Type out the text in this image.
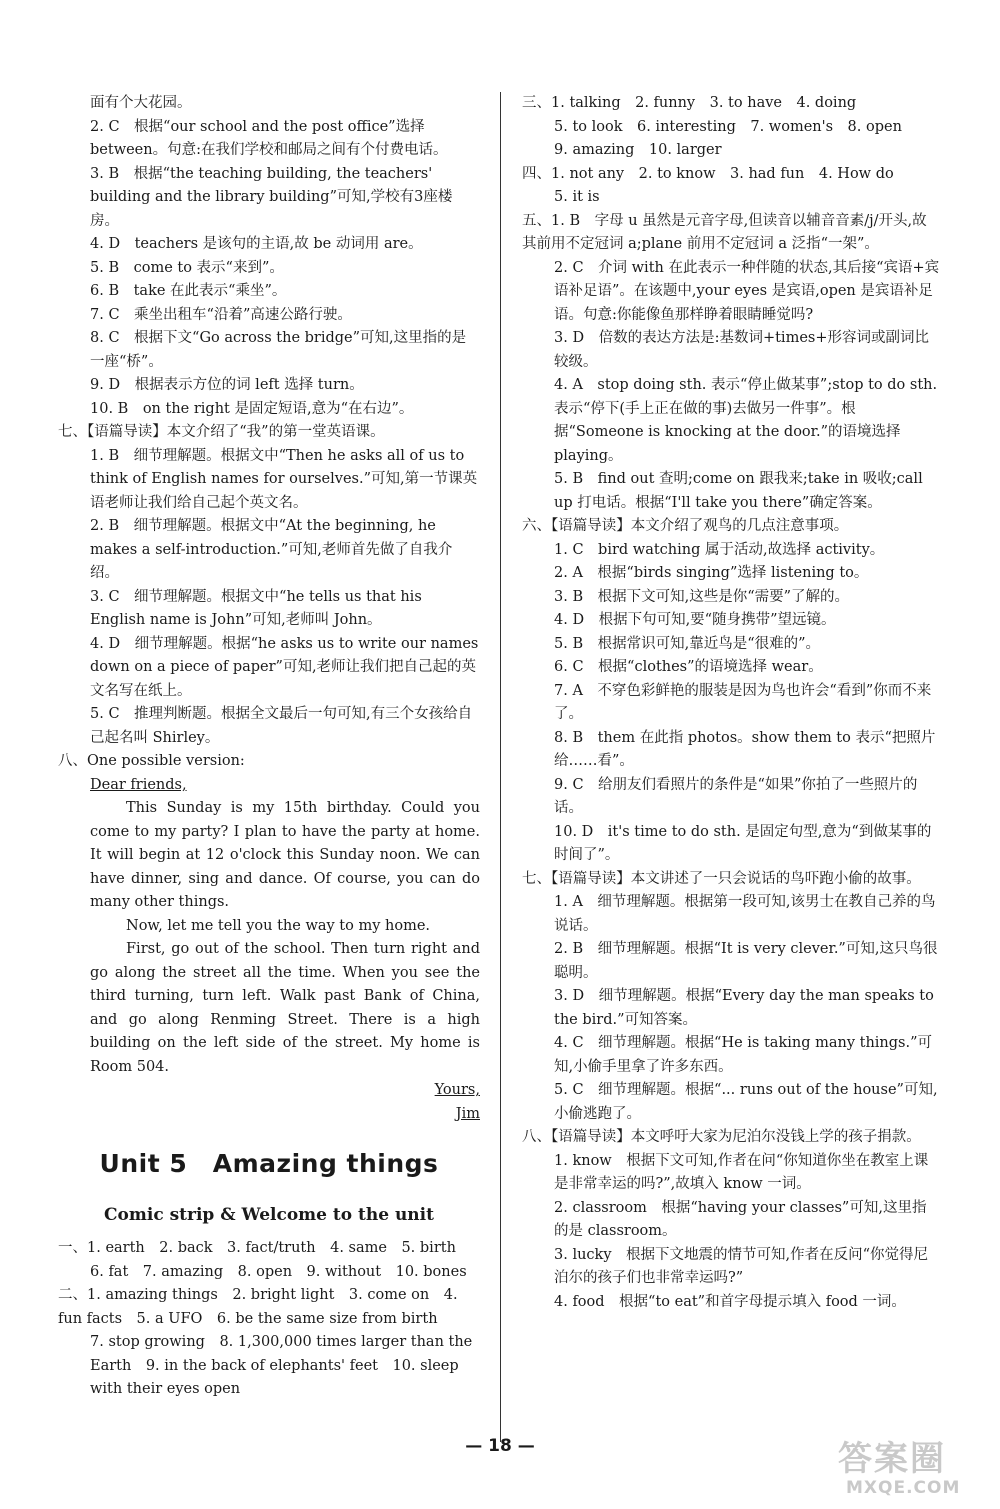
面有个大花园。
2. C　根据“our school and the post office”选择 between。句意:在我们学校和邮局之间有个付费电话。
3. B　根据“the teaching building, the teachers' building and the library building”可知,学校有3座楼房。
4. D　teachers 是该句的主语,故 be 动词用 are。
5. B　come to 表示“来到”。
6. B　take 在此表示“乘坐”。
7. C　乘坐出租车“沿着”高速公路行驶。
8. C　根据下文“Go across the bridge”可知,这里指的是一座“桥”。
9. D　根据表示方位的词 left 选择 turn。
10. B　on the right 是固定短语,意为“在右边”。
七、【语篇导读】本文介绍了“我”的第一堂英语课。
1. B　细节理解题。根据文中“Then he asks all of us to think of English names for ourselves.”可知,第一节课英语老师让我们给自己起个英文名。
2. B　细节理解题。根据文中“At the beginning, he makes a self-introduction.”可知,老师首先做了自我介绍。
3. C　细节理解题。根据文中“he tells us that his English name is John”可知,老师叫 John。
4. D　细节理解题。根据“he asks us to write our names down on a piece of paper”可知,老师让我们把自己起的英文名写在纸上。
5. C　推理判断题。根据全文最后一句可知,有三个女孩给自己起名叫 Shirley。
八、One possible version:
Dear friends,
This Sunday is my 15th birthday. Could you come to my party? I plan to have the party at home. It will begin at 12 o'clock this Sunday noon. We can have dinner, sing and dance. Of course, you can do many other things.
Now, let me tell you the way to my home.
First, go out of the school. Then turn right and go along the street all the time. When you see the third turning, turn left. Walk past Bank of China, and go along Renming Street. There is a high building on the left side of the street. My home is Room 504.
Yours,
Jim
Unit 5　Amazing things
Comic strip & Welcome to the unit
一、1. earth　2. back　3. fact/truth　4. same　5. birth
6. fat　7. amazing　8. open　9. without　10. bones
二、1. amazing things　2. bright light　3. come on　4. fun facts　5. a UFO　6. be the same size from birth
7. stop growing　8. 1,300,000 times larger than the Earth　9. in the back of elephants' feet　10. sleep with their eyes open
三、1. talking　2. funny　3. to have　4. doing
5. to look　6. interesting　7. women's　8. open
9. amazing　10. larger
四、1. not any　2. to know　3. had fun　4. How do
5. it is
五、1. B　字母 u 虽然是元音字母,但读音以辅音音素/j/开头,故其前用不定冠词 a;plane 前用不定冠词 a 泛指“一架”。
2. C　介词 with 在此表示一种伴随的状态,其后接“宾语+宾语补足语”。在该题中,your eyes 是宾语,open 是宾语补足语。句意:你能像鱼那样睁着眼睛睡觉吗?
3. D　倍数的表达方法是:基数词+times+形容词或副词比较级。
4. A　stop doing sth. 表示“停止做某事”;stop to do sth. 表示“停下(手上正在做的事)去做另一件事”。根据“Someone is knocking at the door.”的语境选择 playing。
5. B　find out 查明;come on 跟我来;take in 吸收;call up 打电话。根据“I'll take you there”确定答案。
六、【语篇导读】本文介绍了观鸟的几点注意事项。
1. C　bird watching 属于活动,故选择 activity。
2. A　根据“birds singing”选择 listening to。
3. B　根据下文可知,这些是你“需要”了解的。
4. D　根据下句可知,要“随身携带”望远镜。
5. B　根据常识可知,靠近鸟是“很难的”。
6. C　根据“clothes”的语境选择 wear。
7. A　不穿色彩鲜艳的服装是因为鸟也许会“看到”你而不来了。
8. B　them 在此指 photos。show them to 表示“把照片给……看”。
9. C　给朋友们看照片的条件是“如果”你拍了一些照片的话。
10. D　it's time to do sth. 是固定句型,意为“到做某事的时间了”。
七、【语篇导读】本文讲述了一只会说话的鸟吓跑小偷的故事。
1. A　细节理解题。根据第一段可知,该男士在教自己养的鸟说话。
2. B　细节理解题。根据“It is very clever.”可知,这只鸟很聪明。
3. D　细节理解题。根据“Every day the man speaks to the bird.”可知答案。
4. C　细节理解题。根据“He is taking many things.”可知,小偷手里拿了许多东西。
5. C　细节理解题。根据“... runs out of the house”可知,小偷逃跑了。
八、【语篇导读】本文呼吁大家为尼泊尔没钱上学的孩子捐款。
1. know　根据下文可知,作者在问“你知道你坐在教室上课是非常幸运的吗?”,故填入 know 一词。
2. classroom　根据“having your classes”可知,这里指的是 classroom。
3. lucky　根据下文地震的情节可知,作者在反问“你觉得尼泊尔的孩子们也非常幸运吗?”
4. food　根据“to eat”和首字母提示填入 food 一词。
— 18 —	答案圈
MXQE.COM
